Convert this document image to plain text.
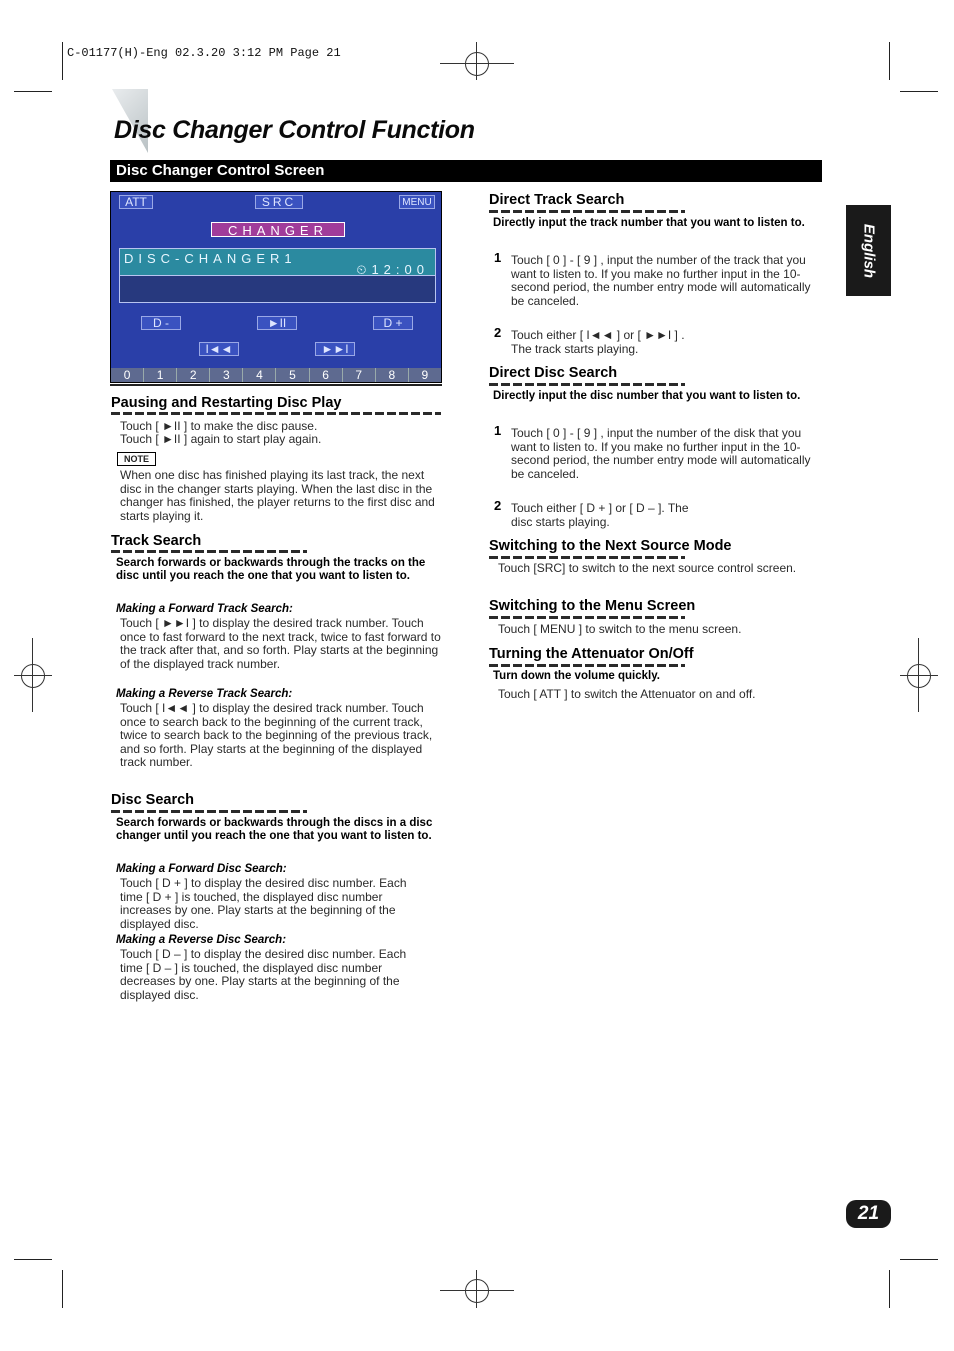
C-01177(H)-Eng 02.3.20 3:12 PM Page 21
Disc Changer Control Function
Disc Changer Control Screen
English
21
ATT	SRC	MENU
CHANGER
DISC-CHANGER1
⏲12:00
D -	►II	D +
I◄◄	►►I
0	1	2	3	4	5	6	7	8	9
Pausing and Restarting Disc Play
Touch [ ►II ] to make the disc pause.
Touch [ ►II ] again to start play again.
NOTE
When one disc has finished playing its last track, the next disc in the changer starts playing. When the last disc in the changer has finished, the player returns to the first disc and starts playing it.
Track Search
Search forwards or backwards through the tracks on the disc until you reach the one that you want to listen to.
Making a Forward Track Search:
Touch [ ►►I ] to display the desired track number. Touch once to fast forward to the next track, twice to fast forward to the track after that, and so forth. Play starts at the beginning of the displayed track number.
Making a Reverse Track Search:
Touch [ I◄◄ ] to display the desired track number. Touch once to search back to the beginning of the current track, twice to search back to the beginning of the previous track, and so forth. Play starts at the beginning of the displayed track number.
Disc Search
Search forwards or backwards through the discs in a disc changer until you reach the one that you want to listen to.
Making a Forward Disc Search:
Touch [ D + ] to display the desired disc number. Each time [ D + ] is touched, the displayed disc number increases by one. Play starts at the beginning of the displayed disc.
Making a Reverse Disc Search:
Touch [ D – ] to display the desired disc number. Each time [ D – ] is touched, the displayed disc number decreases by one. Play starts at the beginning of the displayed disc.
Direct Track Search
Directly input the track number that you want to listen to.
1 Touch [ 0 ] - [ 9 ] , input the number of the track that you want to listen to. If you make no further input in the 10-second period, the number entry mode will automatically be canceled.
2 Touch either [ I◄◄ ] or [ ►►I ] . The track starts playing.
Direct Disc Search
Directly input the disc number that you want to listen to.
1 Touch [ 0 ] - [ 9 ] , input the number of the disk that you want to listen to. If you make no further input in the 10-second period, the number entry mode will automatically be canceled.
2 Touch either [ D + ] or [ D – ]. The disc starts playing.
Switching to the Next Source Mode
Touch [SRC] to switch to the next source control screen.
Switching to the Menu Screen
Touch [ MENU ] to switch to the menu screen.
Turning the Attenuator On/Off
Turn down the volume quickly.
Touch [ ATT ] to switch the Attenuator on and off.
